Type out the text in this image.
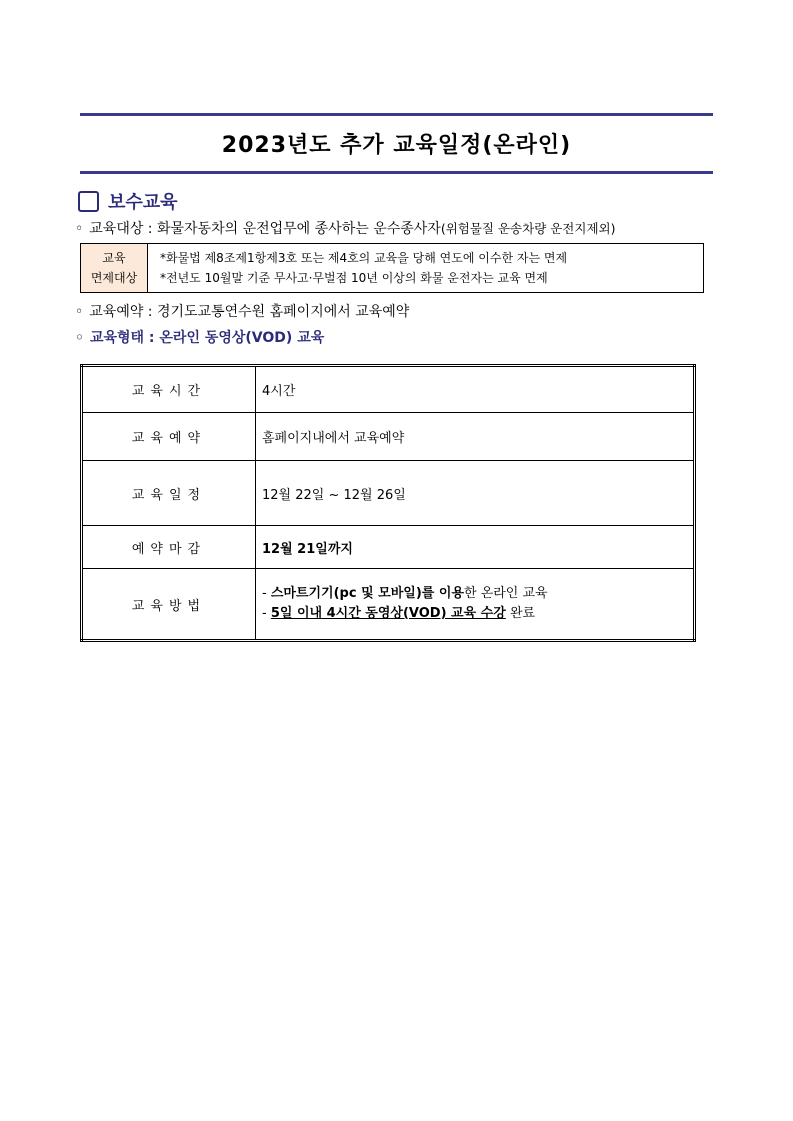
2023년도 추가 교육일정(온라인)
보수교육
◦ 교육대상 : 화물자동차의 운전업무에 종사하는 운수종사자(위험물질 운송차량 운전지제외)
교육
면제대상
*화물법 제8조제1항제3호 또는 제4호의 교육을 당해 연도에 이수한 자는 면제
*전년도 10월말 기준 무사고·무벌점 10년 이상의 화물 운전자는 교육 면제
◦ 교육예약 : 경기도교통연수원 홈페이지에서 교육예약
◦ 교육형태 : 온라인 동영상(VOD) 교육
교육시간	4시간
교육예약	홈페이지내에서 교육예약
교육일정	12월 22일 ~ 12월 26일
예약마감	12월 21일까지
교육방법	- 스마트기기(pc 및 모바일)를 이용한 온라인 교육
- 5일 이내 4시간 동영상(VOD) 교육 수강 완료
